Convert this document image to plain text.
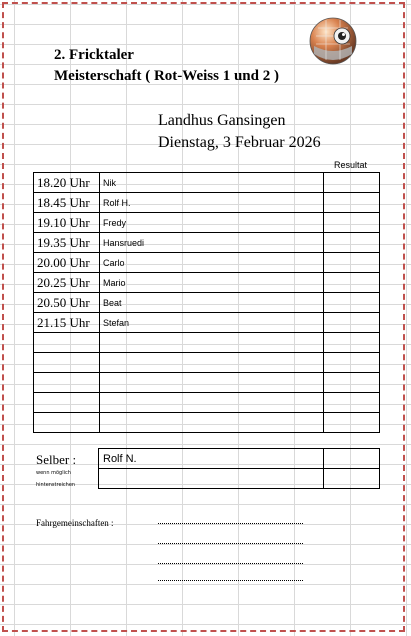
2. Fricktaler
Meisterschaft ( Rot-Weiss 1 und 2 )
Landhus Gansingen
Dienstag, 3 Februar 2026
Resultat
18.20 Uhr	Nik	
18.45 Uhr	Rolf H.	
19.10 Uhr	Fredy	
19.35 Uhr	Hansruedi	
20.00 Uhr	Carlo	
20.25 Uhr	Mario	
20.50 Uhr	Beat	
21.15 Uhr	Stefan	

Selber :
wenn möglich
hintenstreichen
Rolf N.	

Fahrgemeinschaften :
